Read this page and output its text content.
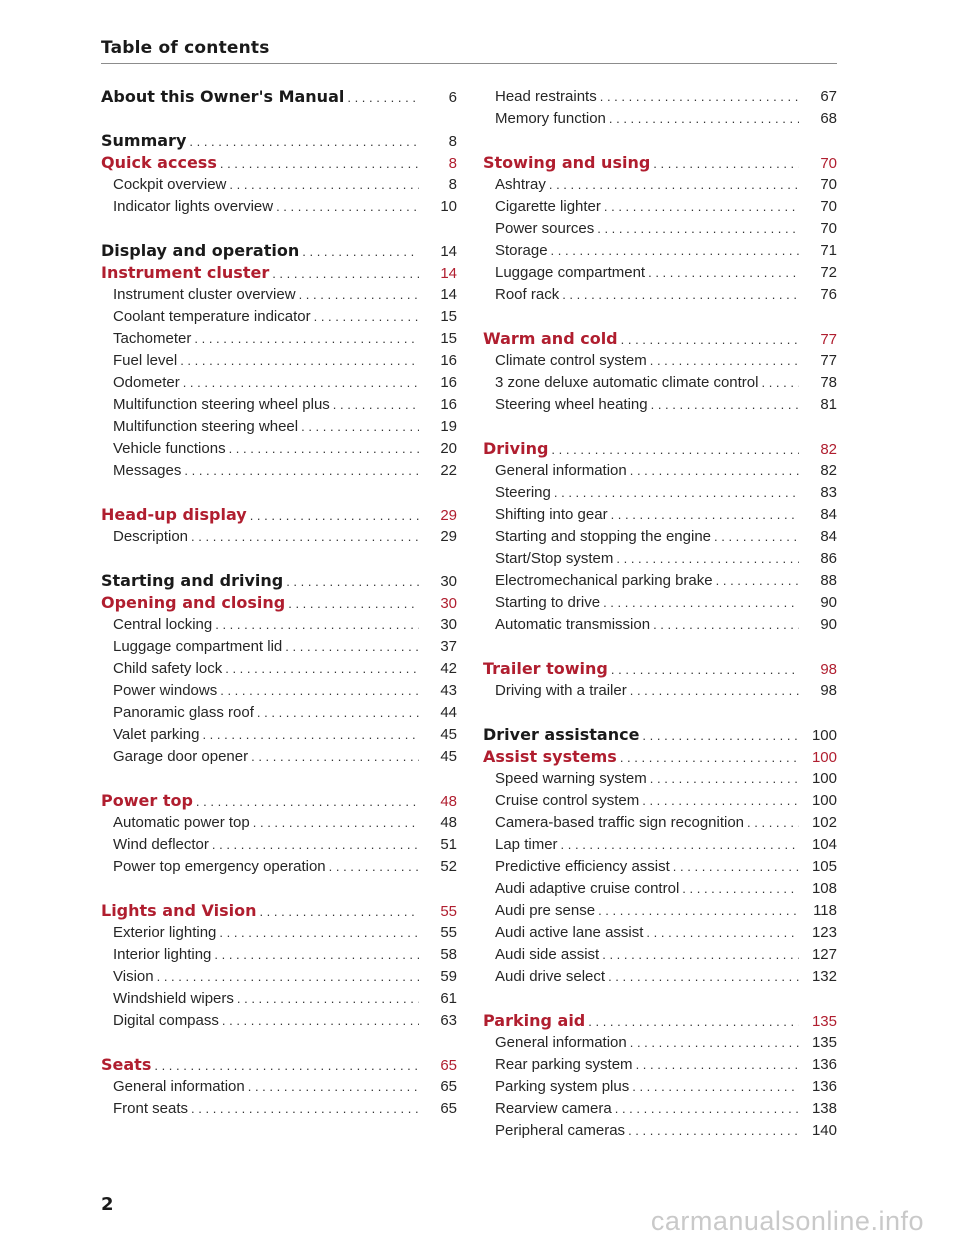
Table of contents
About this Owner's Manual . . .	6
Summary . . .	8
Quick access . . .	8
Cockpit overview . . .	8
Indicator lights overview . . .	10
Display and operation . . .	14
Instrument cluster . . .	14
Instrument cluster overview . . .	14
Coolant temperature indicator . . .	15
Tachometer . . .	15
Fuel level . . .	16
Odometer . . .	16
Multifunction steering wheel plus . . .	16
Multifunction steering wheel . . .	19
Vehicle functions . . .	20
Messages . . .	22
Head-up display . . .	29
Description . . .	29
Starting and driving . . .	30
Opening and closing . . .	30
Central locking . . .	30
Luggage compartment lid . . .	37
Child safety lock . . .	42
Power windows . . .	43
Panoramic glass roof . . .	44
Valet parking . . .	45
Garage door opener . . .	45
Power top . . .	48
Automatic power top . . .	48
Wind deflector . . .	51
Power top emergency operation . . .	52
Lights and Vision . . .	55
Exterior lighting . . .	55
Interior lighting . . .	58
Vision . . .	59
Windshield wipers . . .	61
Digital compass . . .	63
Seats . . .	65
General information . . .	65
Front seats . . .	65
Head restraints . . .	67
Memory function . . .	68
Stowing and using . . .	70
Ashtray . . .	70
Cigarette lighter . . .	70
Power sources . . .	70
Storage . . .	71
Luggage compartment . . .	72
Roof rack . . .	76
Warm and cold . . .	77
Climate control system . . .	77
3 zone deluxe automatic climate control . . .	78
Steering wheel heating . . .	81
Driving . . .	82
General information . . .	82
Steering . . .	83
Shifting into gear . . .	84
Starting and stopping the engine . . .	84
Start/Stop system . . .	86
Electromechanical parking brake . . .	88
Starting to drive . . .	90
Automatic transmission . . .	90
Trailer towing . . .	98
Driving with a trailer . . .	98
Driver assistance . . .	100
Assist systems . . .	100
Speed warning system . . .	100
Cruise control system . . .	100
Camera-based traffic sign recognition . . .	102
Lap timer . . .	104
Predictive efficiency assist . . .	105
Audi adaptive cruise control . . .	108
Audi pre sense . . .	118
Audi active lane assist . . .	123
Audi side assist . . .	127
Audi drive select . . .	132
Parking aid . . .	135
General information . . .	135
Rear parking system . . .	136
Parking system plus . . .	136
Rearview camera . . .	138
Peripheral cameras . . .	140
2
carmanualsonline.info
